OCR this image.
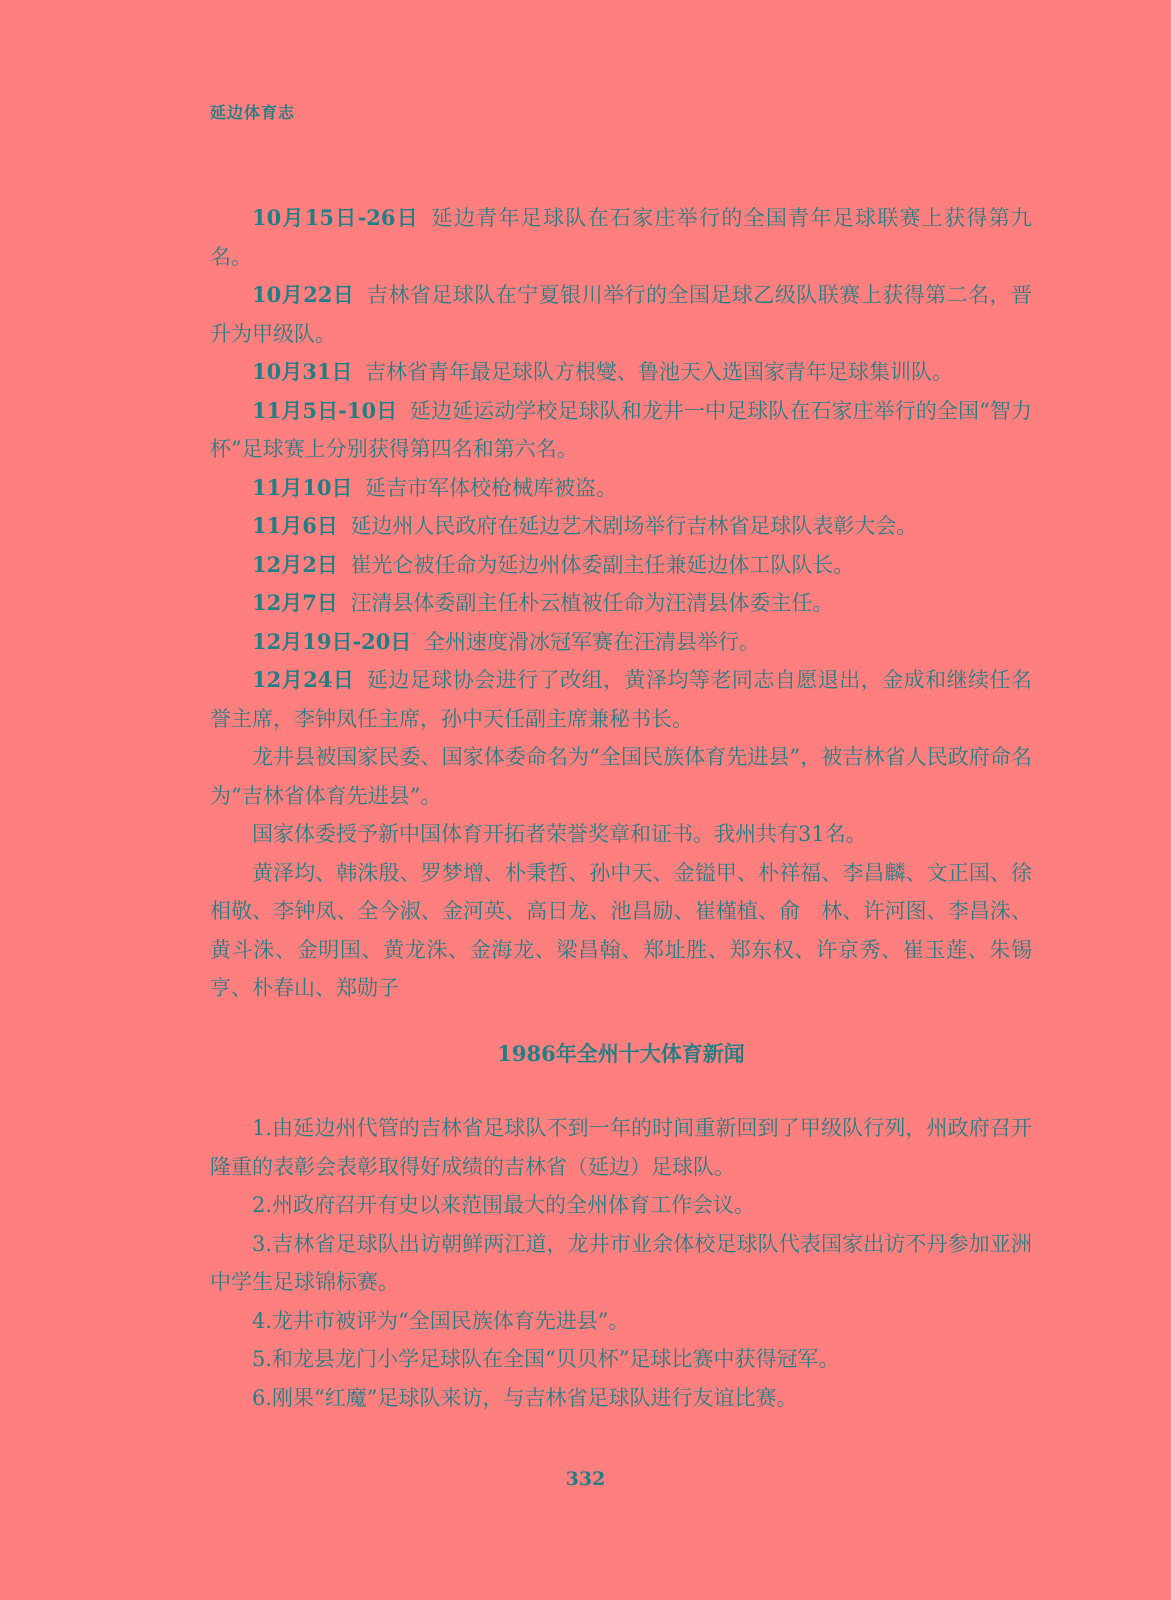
延边体育志

10月15日-26日 延边青年足球队在石家庄举行的全国青年足球联赛上获得第九名。

10月22日 吉林省足球队在宁夏银川举行的全国足球乙级队联赛上获得第二名，晋升为甲级队。

10月31日 吉林省青年最足球队方根燮、鲁池天入选国家青年足球集训队。

11月5日-10日 延边延运动学校足球队和龙井一中足球队在石家庄举行的全国“智力杯”足球赛上分别获得第四名和第六名。

11月10日 延吉市军体校枪械库被盗。

11月6日 延边州人民政府在延边艺术剧场举行吉林省足球队表彰大会。

12月2日 崔光仑被任命为延边州体委副主任兼延边体工队队长。

12月7日 汪清县体委副主任朴云植被任命为汪清县体委主任。

12月19日-20日 全州速度滑冰冠军赛在汪清县举行。

12月24日 延边足球协会进行了改组，黄泽均等老同志自愿退出，金成和继续任名誉主席，李钟凤任主席，孙中天任副主席兼秘书长。

龙井县被国家民委、国家体委命名为“全国民族体育先进县”，被吉林省人民政府命名为“吉林省体育先进县”。

国家体委授予新中国体育开拓者荣誉奖章和证书。我州共有31名。

黄泽均、韩洙殷、罗梦增、朴秉哲、孙中天、金镒甲、朴祥福、李昌麟、文正国、徐相敬、李钟凤、全今淑、金河英、高日龙、池昌励、崔槿植、俞　林、许河图、李昌洙、黄斗洙、金明国、黄龙洙、金海龙、梁昌翰、郑址胜、郑东权、许京秀、崔玉莲、朱锡亨、朴春山、郑勋子

1986年全州十大体育新闻
1.由延边州代管的吉林省足球队不到一年的时间重新回到了甲级队行列，州政府召开隆重的表彰会表彰取得好成绩的吉林省（延边）足球队。
2.州政府召开有史以来范围最大的全州体育工作会议。
3.吉林省足球队出访朝鲜两江道，龙井市业余体校足球队代表国家出访不丹参加亚洲中学生足球锦标赛。
4.龙井市被评为“全国民族体育先进县”。
5.和龙县龙门小学足球队在全国“贝贝杯”足球比赛中获得冠军。
6.刚果“红魔”足球队来访，与吉林省足球队进行友谊比赛。
332
